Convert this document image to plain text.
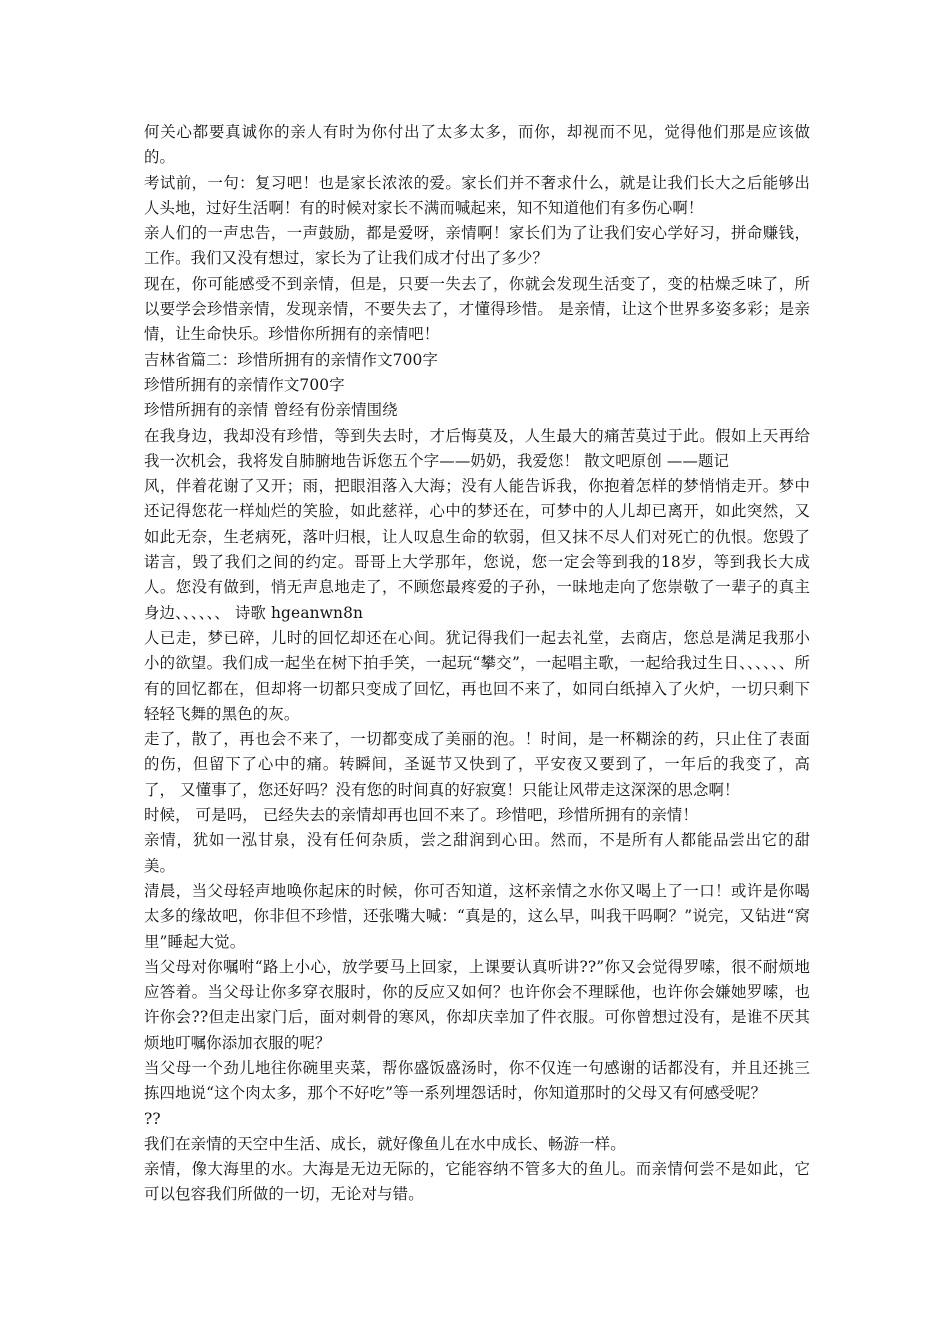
何关心都要真诚你的亲人有时为你付出了太多太多，而你，却视而不见，觉得他们那是应该做的。

考试前，一句：复习吧！也是家长浓浓的爱。家长们并不奢求什么，就是让我们长大之后能够出人头地，过好生活啊！有的时候对家长不满而喊起来，知不知道他们有多伤心啊！

亲人们的一声忠告，一声鼓励，都是爱呀，亲情啊！家长们为了让我们安心学好习，拼命赚钱，工作。我们又没有想过，家长为了让我们成才付出了多少？

现在，你可能感受不到亲情，但是，只要一失去了，你就会发现生活变了，变的枯燥乏味了，所以要学会珍惜亲情，发现亲情，不要失去了，才懂得珍惜。 是亲情，让这个世界多姿多彩；是亲情，让生命快乐。珍惜你所拥有的亲情吧！

吉林省篇二：珍惜所拥有的亲情作文700字

珍惜所拥有的亲情作文700字

珍惜所拥有的亲情 曾经有份亲情围绕

在我身边，我却没有珍惜，等到失去时，才后悔莫及，人生最大的痛苦莫过于此。假如上天再给我一次机会，我将发自肺腑地告诉您五个字——奶奶，我爱您！ 散文吧原创 ——题记

风，伴着花谢了又开；雨，把眼泪落入大海；没有人能告诉我，你抱着怎样的梦悄悄走开。梦中还记得您花一样灿烂的笑脸，如此慈祥，心中的梦还在，可梦中的人儿却已离开，如此突然，又如此无奈，生老病死，落叶归根，让人叹息生命的软弱，但又抹不尽人们对死亡的仇恨。您毁了诺言，毁了我们之间的约定。哥哥上大学那年，您说，您一定会等到我的18岁，等到我长大成人。您没有做到，悄无声息地走了，不顾您最疼爱的子孙，一昧地走向了您崇敬了一辈子的真主身边、、、、、、 诗歌 hgeanwn8n

人已走，梦已碎，儿时的回忆却还在心间。犹记得我们一起去礼堂，去商店，您总是满足我那小小的欲望。我们成一起坐在树下拍手笑，一起玩“攀交”，一起唱主歌，一起给我过生日、、、、、、所有的回忆都在，但却将一切都只变成了回忆，再也回不来了，如同白纸掉入了火炉，一切只剩下轻轻飞舞的黑色的灰。

走了，散了，再也会不来了，一切都变成了美丽的泡。！时间，是一杯糊涂的药，只止住了表面的伤，但留下了心中的痛。转瞬间，圣诞节又快到了，平安夜又要到了，一年后的我变了，高了， 又懂事了，您还好吗？没有您的时间真的好寂寞！只能让风带走这深深的思念啊！

时候， 可是吗， 已经失去的亲情却再也回不来了。珍惜吧，珍惜所拥有的亲情！

亲情，犹如一泓甘泉，没有任何杂质，尝之甜润到心田。然而，不是所有人都能品尝出它的甜美。

清晨，当父母轻声地唤你起床的时候，你可否知道，这杯亲情之水你又喝上了一口！或许是你喝太多的缘故吧，你非但不珍惜，还张嘴大喊：“真是的，这么早，叫我干吗啊？”说完，又钻进“窝里”睡起大觉。

当父母对你嘱咐“路上小心，放学要马上回家，上课要认真听讲??”你又会觉得罗嗦，很不耐烦地应答着。当父母让你多穿衣服时，你的反应又如何？也许你会不理睬他，也许你会嫌她罗嗦，也许你会??但走出家门后，面对刺骨的寒风，你却庆幸加了件衣服。可你曾想过没有，是谁不厌其烦地叮嘱你添加衣服的呢？

当父母一个劲儿地往你碗里夹菜，帮你盛饭盛汤时，你不仅连一句感谢的话都没有，并且还挑三拣四地说“这个肉太多，那个不好吃”等一系列埋怨话时，你知道那时的父母又有何感受呢？

??

我们在亲情的天空中生活、成长，就好像鱼儿在水中成长、畅游一样。

亲情，像大海里的水。大海是无边无际的，它能容纳不管多大的鱼儿。而亲情何尝不是如此，它可以包容我们所做的一切，无论对与错。
